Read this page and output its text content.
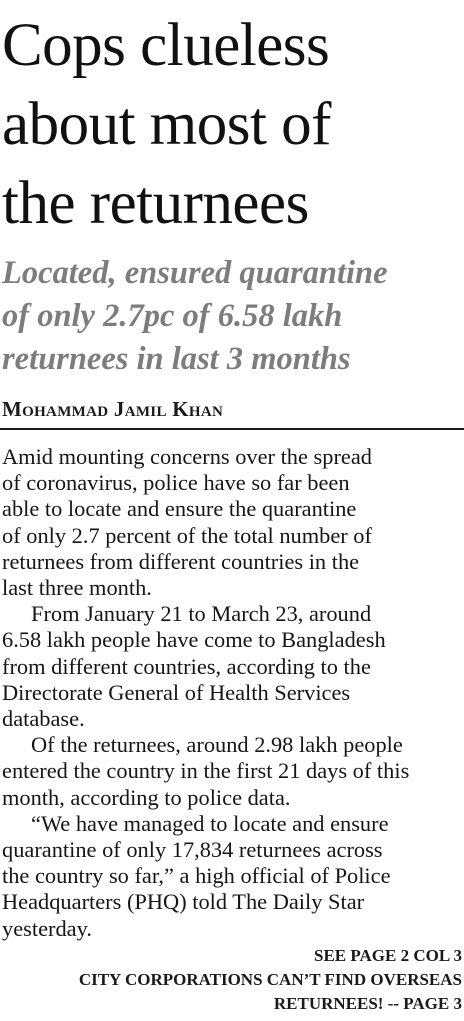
Cops clueless
about most of
the returnees
Located, ensured quarantine
of only 2.7pc of 6.58 lakh
returnees in last 3 months
Mohammad Jamil Khan

Amid mounting concerns over the spread
of coronavirus, police have so far been
able to locate and ensure the quarantine
of only 2.7 percent of the total number of
returnees from different countries in the
last three month.

From January 21 to March 23, around
6.58 lakh people have come to Bangladesh
from different countries, according to the
Directorate General of Health Services
database.

Of the returnees, around 2.98 lakh people
entered the country in the first 21 days of this
month, according to police data.

“We have managed to locate and ensure
quarantine of only 17,834 returnees across
the country so far,” a high official of Police
Headquarters (PHQ) told The Daily Star
yesterday.

SEE PAGE 2 COL 3
CITY CORPORATIONS CAN’T FIND OVERSEAS
RETURNEES! -- PAGE 3
